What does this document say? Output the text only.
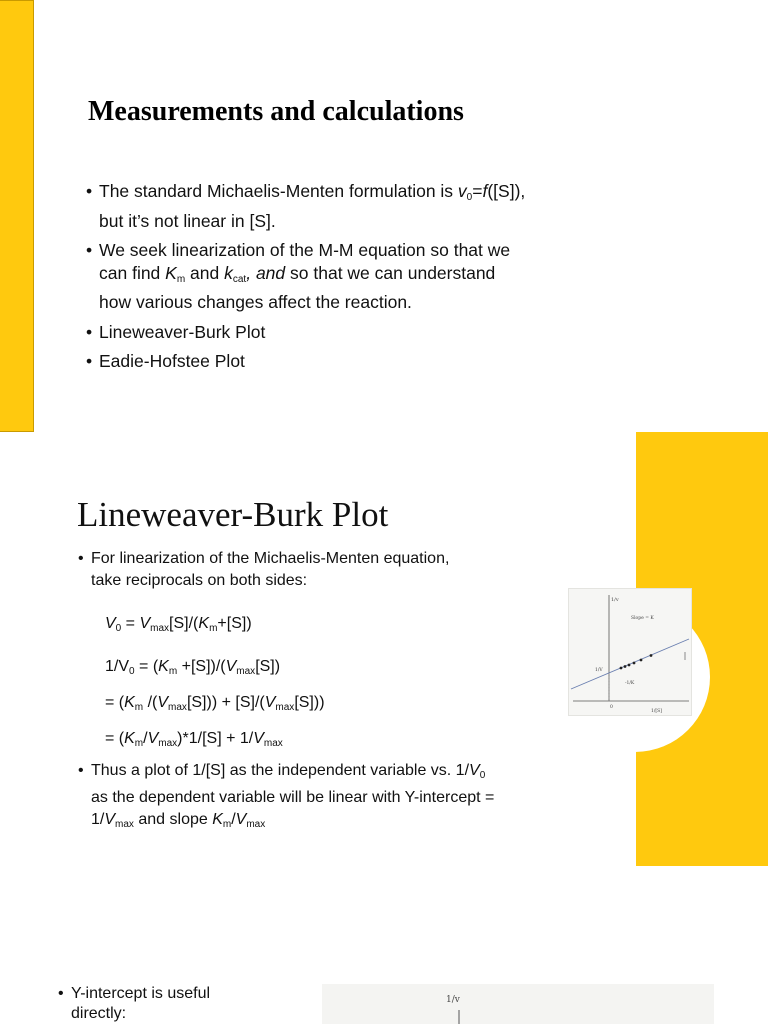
Measurements and calculations
• The standard Michaelis-Menten formulation is $v_0=f([S])$, but it’s not linear in [S].
• We seek linearization of the M-M equation so that we can find $K_m$ and $k_{cat}$, and so that we can understand how various changes affect the reaction.
• Lineweaver-Burk Plot
• Eadie-Hofstee Plot
Lineweaver-Burk Plot
• For linearization of the Michaelis-Menten equation, take reciprocals on both sides:
$V_0 = V_{max}[S]/(K_m+[S])$
$1/V_0 = (K_m +[S])/(V_{max}[S])$
= ($K_m$ $/(V_{max}[S])) + [S]/(V_{max}[S])$)
= $(K_m/V_{max})*1/[S] + 1/V_{max}$
• Thus a plot of 1/[S] as the independent variable vs. $1/V_0$ as the dependent variable will be linear with Y-intercept = $1/V_{max}$ and slope $K_m/V_{max}$
1/v
Slope = K
1/V
-1/K
0
1/[S]
• Y-intercept is useful directly:
1/v
